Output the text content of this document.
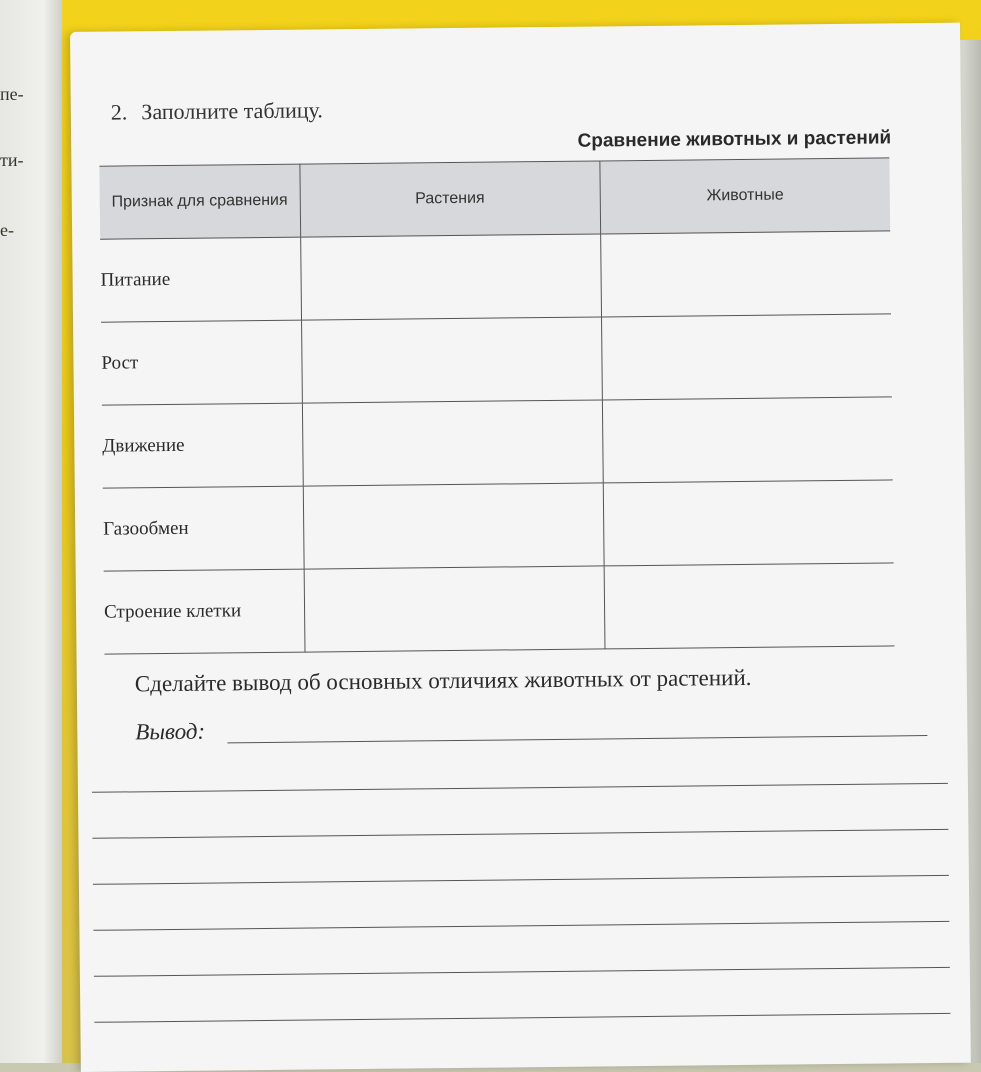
пе-
ти-
е-
2. Заполните таблицу.
Сравнение животных и растений
Признак для сравнения	Растения	Животные
Питание		
Рост		
Движение		
Газообмен		
Строение клетки		
Сделайте вывод об основных отличиях животных от растений.
Вывод:
